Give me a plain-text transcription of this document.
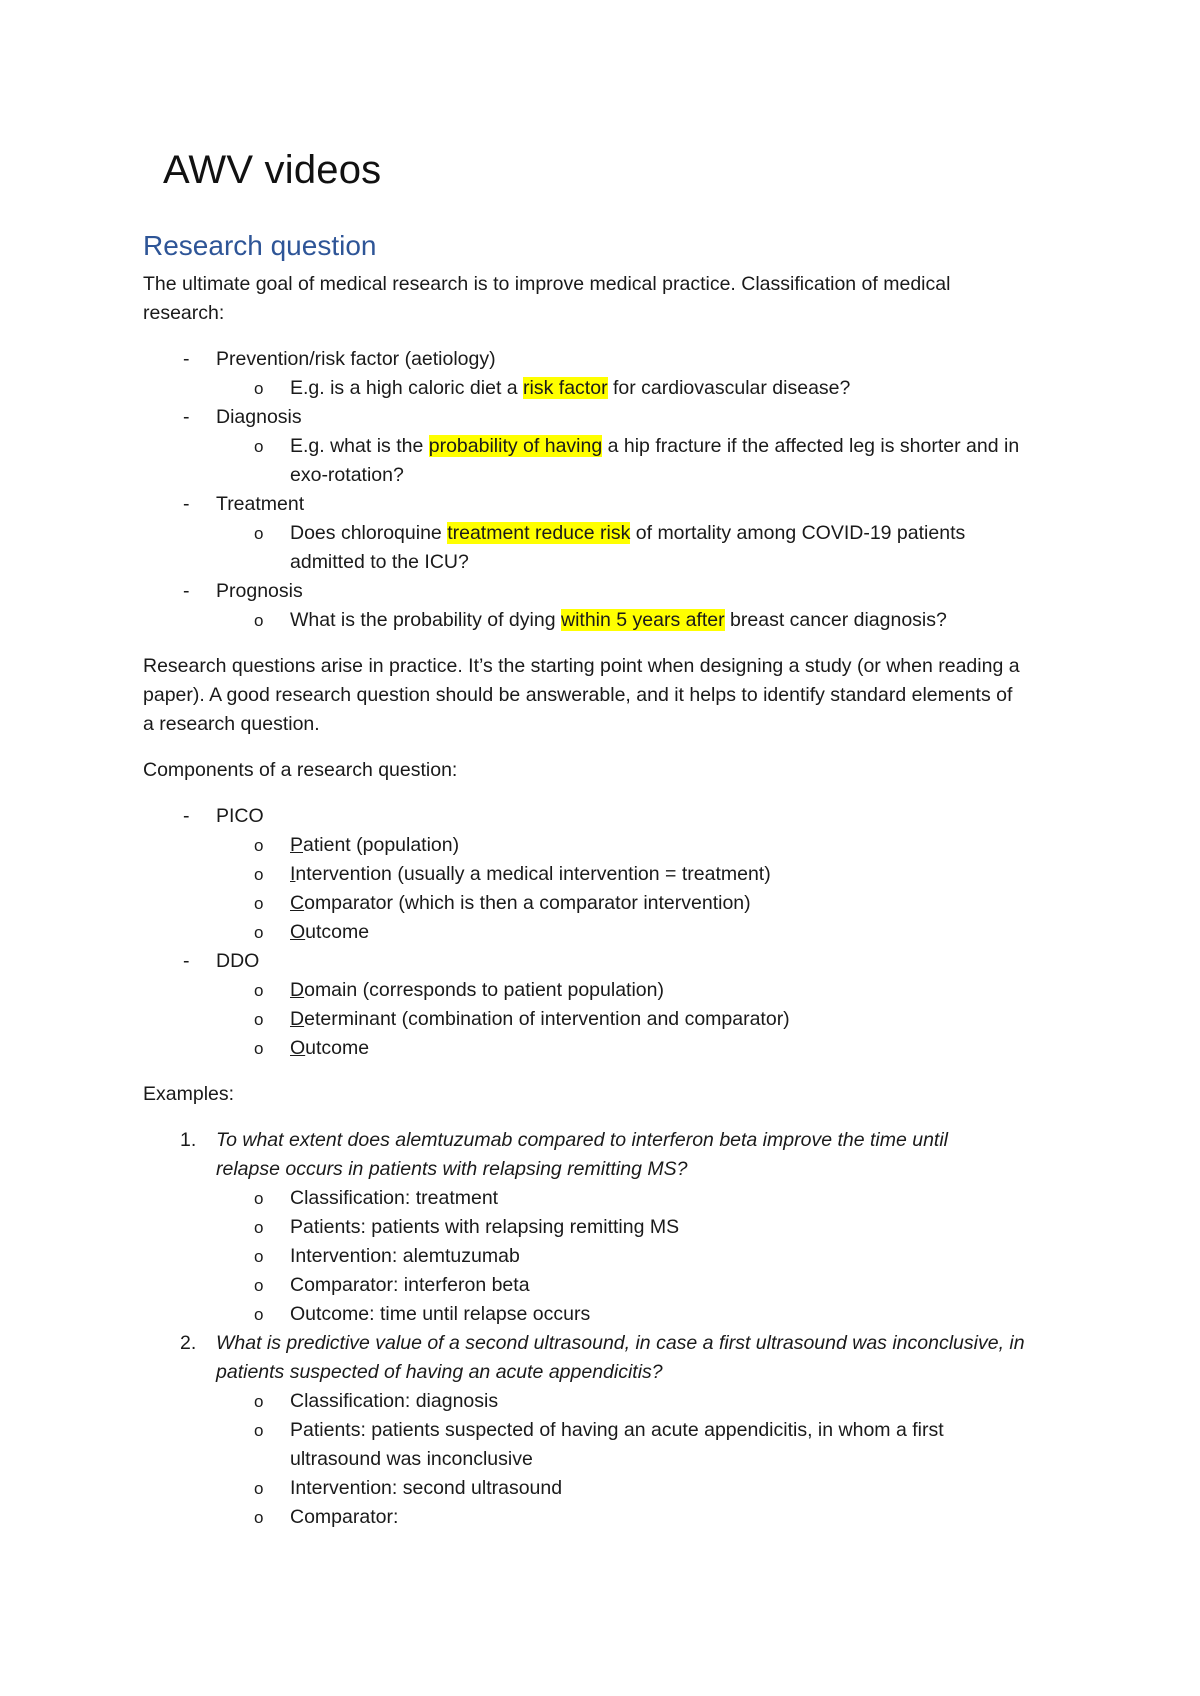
AWV videos
Research question
The ultimate goal of medical research is to improve medical practice. Classification of medical
research:
- Prevention/risk factor (aetiology)
o E.g. is a high caloric diet a risk factor for cardiovascular disease?
- Diagnosis
o E.g. what is the probability of having a hip fracture if the affected leg is shorter and in
exo-rotation?
- Treatment
o Does chloroquine treatment reduce risk of mortality among COVID-19 patients
admitted to the ICU?
- Prognosis
o What is the probability of dying within 5 years after breast cancer diagnosis?
Research questions arise in practice. It’s the starting point when designing a study (or when reading a
paper). A good research question should be answerable, and it helps to identify standard elements of
a research question.
Components of a research question:
- PICO
o Patient (population)
o Intervention (usually a medical intervention = treatment)
o Comparator (which is then a comparator intervention)
o Outcome
- DDO
o Domain (corresponds to patient population)
o Determinant (combination of intervention and comparator)
o Outcome
Examples:
1. To what extent does alemtuzumab compared to interferon beta improve the time until
relapse occurs in patients with relapsing remitting MS?
o Classification: treatment
o Patients: patients with relapsing remitting MS
o Intervention: alemtuzumab
o Comparator: interferon beta
o Outcome: time until relapse occurs
2. What is predictive value of a second ultrasound, in case a first ultrasound was inconclusive, in
patients suspected of having an acute appendicitis?
o Classification: diagnosis
o Patients: patients suspected of having an acute appendicitis, in whom a first
ultrasound was inconclusive
o Intervention: second ultrasound
o Comparator:
